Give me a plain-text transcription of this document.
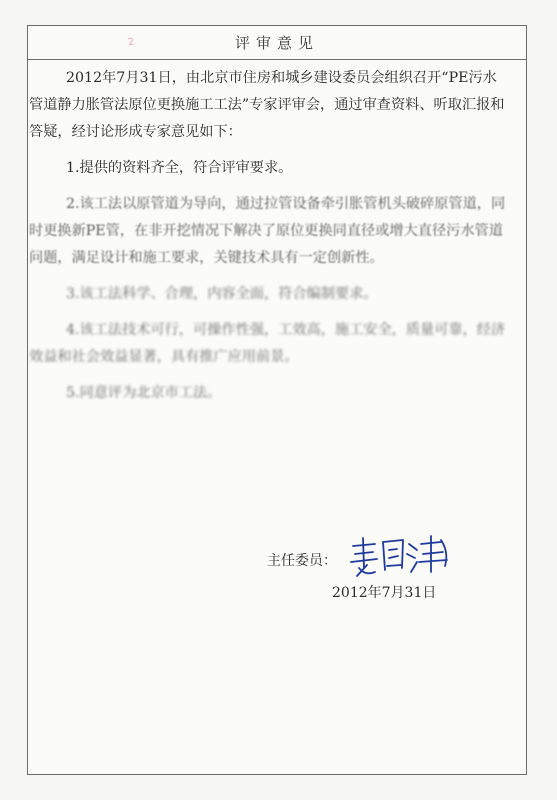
评审意见
2

2012年7月31日，由北京市住房和城乡建设委员会组织召开“PE污水管道静力胀管法原位更换施工工法”专家评审会，通过审查资料、听取汇报和答疑，经讨论形成专家意见如下：

1.提供的资料齐全，符合评审要求。

2.该工法以原管道为导向，通过拉管设备牵引胀管机头破碎原管道，同时更换新PE管，在非开挖情况下解决了原位更换同直径或增大直径污水管道问题，满足设计和施工要求，关键技术具有一定创新性。

3.该工法科学、合理，内容全面，符合编制要求。

4.该工法技术可行，可操作性强，工效高，施工安全，质量可靠，经济效益和社会效益显著，具有推广应用前景。

5.同意评为北京市工法。

主任委员：
2012年7月31日
